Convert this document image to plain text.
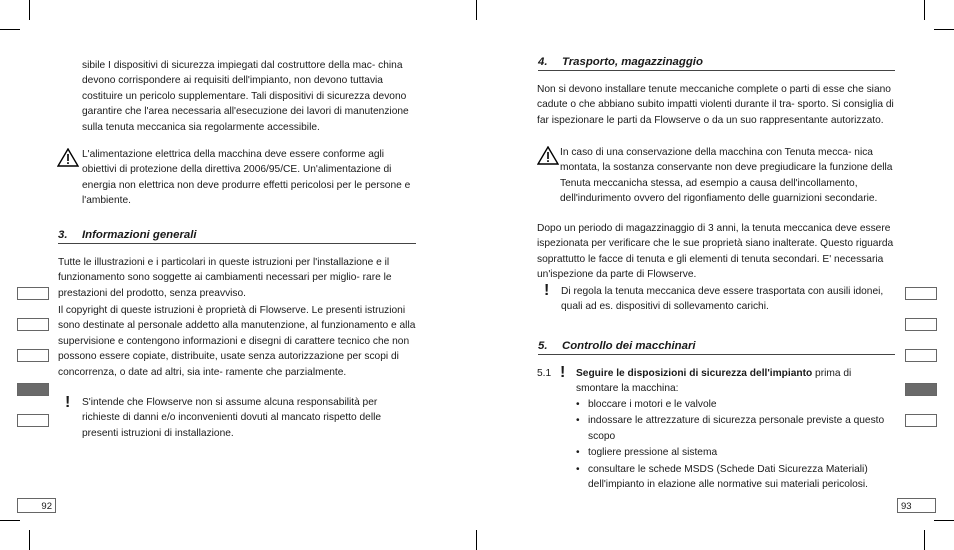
sibile I dispositivi di sicurezza impiegati dal costruttore della mac- china devono corrispondere ai requisiti dell'impianto, non devono tuttavia costituire un pericolo supplementare. Tali dispositivi di sicurezza devono garantire che l'area necessaria all'esecuzione dei lavori di manutenzione sulla tenuta meccanica sia regolarmente accessibile.

L'alimentazione elettrica della macchina deve essere conforme agli obiettivi di protezione della direttiva 2006/95/CE. Un'alimentazione di energia non elettrica non deve produrre effetti pericolosi per le persone e l'ambiente.

3. Informazioni generali

Tutte le illustrazioni e i particolari in queste istruzioni per l'installazione e il funzionamento sono soggette ai cambiamenti necessari per miglio- rare le prestazioni del prodotto, senza preavviso.

Il copyright di queste istruzioni è proprietà di Flowserve. Le presenti istruzioni sono destinate al personale addetto alla manutenzione, al funzionamento e alla supervisione e contengono informazioni e disegni di carattere tecnico che non possono essere copiate, distribuite, usate senza autorizzazione per scopi di concorrenza, o date ad altri, sia inte- ramente che parzialmente.

! S'intende che Flowserve non si assume alcuna responsabilità per richieste di danni e/o inconvenienti dovuti al mancato rispetto delle presenti istruzioni di installazione.

92
4. Trasporto, magazzinaggio

Non si devono installare tenute meccaniche complete o parti di esse che siano cadute o che abbiano subito impatti violenti durante il tra- sporto. Si consiglia di far ispezionare le parti da Flowserve o da un suo rappresentante autorizzato.

In caso di una conservazione della macchina con Tenuta mecca- nica montata, la sostanza conservante non deve pregiudicare la funzione della Tenuta meccanicha stessa, ad esempio a causa dell'incollamento, dell'indurimento ovvero del rigonfiamento delle guarnizioni secondarie.

Dopo un periodo di magazzinaggio di 3 anni, la tenuta meccanica deve essere ispezionata per verificare che le sue proprietà siano inalterate. Questo riguarda soprattutto le facce di tenuta e gli elementi di tenuta secondari. E' necessaria un'ispezione da parte di Flowserve.

! Di regola la tenuta meccanica deve essere trasportata con ausili idonei, quali ad es. dispositivi di sollevamento carichi.

5. Controllo dei macchinari
5.1 ! Seguire le disposizioni di sicurezza dell'impianto prima di smontare la macchina:

• bloccare i motori e le valvole
• indossare le attrezzature di sicurezza personale previste a questo scopo
• togliere pressione al sistema
• consultare le schede MSDS (Schede Dati Sicurezza Materiali) dell'impianto in elazione alle normative sui materiali pericolosi.
93
